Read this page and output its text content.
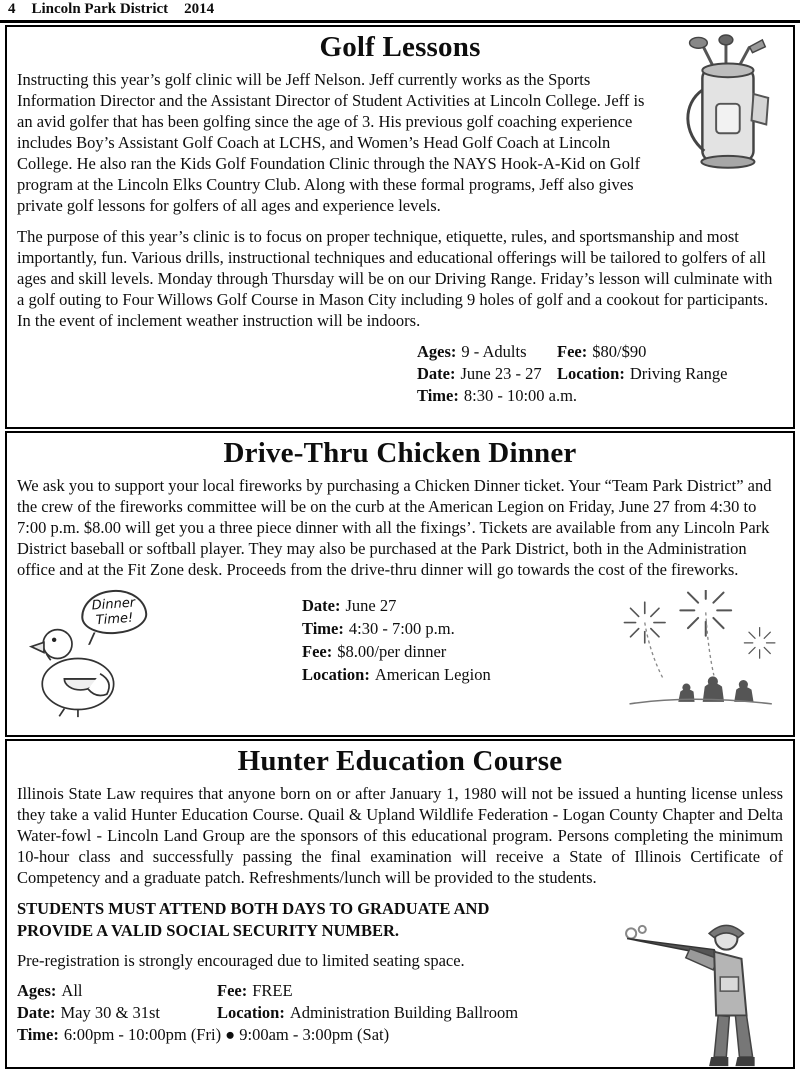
4 Lincoln Park District 2014
Golf Lessons

Instructing this year’s golf clinic will be Jeff Nelson. Jeff currently works as the Sports Information Director and the Assistant Director of Student Activities at Lincoln College. Jeff is an avid golfer that has been golfing since the age of 3. His previous golf coaching experience includes Boy’s Assistant Golf Coach at LCHS, and Women’s Head Golf Coach at Lincoln College. He also ran the Kids Golf Foundation Clinic through the NAYS Hook-A-Kid on Golf program at the Lincoln Elks Country Club. Along with these formal programs, Jeff also gives private golf lessons for golfers of all ages and experience levels.

The purpose of this year’s clinic is to focus on proper technique, etiquette, rules, and sportsmanship and most importantly, fun. Various drills, instructional techniques and educational offerings will be tailored to golfers of all ages and skill levels. Monday through Thursday will be on our Driving Range. Friday’s lesson will culminate with a golf outing to Four Willows Golf Course in Mason City including 9 holes of golf and a cookout for participants. In the event of inclement weather instruction will be indoors.

Ages: 9 - Adults	Fee: $80/$90
Date: June 23 - 27 Location: Driving Range
Time: 8:30 - 10:00 a.m.
Drive-Thru Chicken Dinner

We ask you to support your local fireworks by purchasing a Chicken Dinner ticket. Your “Team Park District” and the crew of the fireworks committee will be on the curb at the American Legion on Friday, June 27 from 4:30 to 7:00 p.m. $8.00 will get you a three piece dinner with all the fixings’. Tickets are available from any Lincoln Park District baseball or softball player. They may also be purchased at the Park District, both in the Administration office and at the Fit Zone desk. Proceeds from the drive-thru dinner will go towards the cost of the fireworks.

Dinner Time!
Date: June 27
Time: 4:30 - 7:00 p.m.
Fee: $8.00/per dinner
Location: American Legion
Hunter Education Course

Illinois State Law requires that anyone born on or after January 1, 1980 will not be issued a hunting license unless they take a valid Hunter Education Course. Quail & Upland Wildlife Federation - Logan County Chapter and Delta Water-fowl - Lincoln Land Group are the sponsors of this educational program. Persons completing the minimum 10-hour class and successfully passing the final examination will receive a State of Illinois Certificate of Competency and a graduate patch. Refreshments/lunch will be provided to the students.

STUDENTS MUST ATTEND BOTH DAYS TO GRADUATE AND PROVIDE A VALID SOCIAL SECURITY NUMBER.

Pre-registration is strongly encouraged due to limited seating space.

Ages: All	Fee: FREE
Date: May 30 & 31st	Location: Administration Building Ballroom
Time: 6:00pm - 10:00pm (Fri) ● 9:00am - 3:00pm (Sat)
